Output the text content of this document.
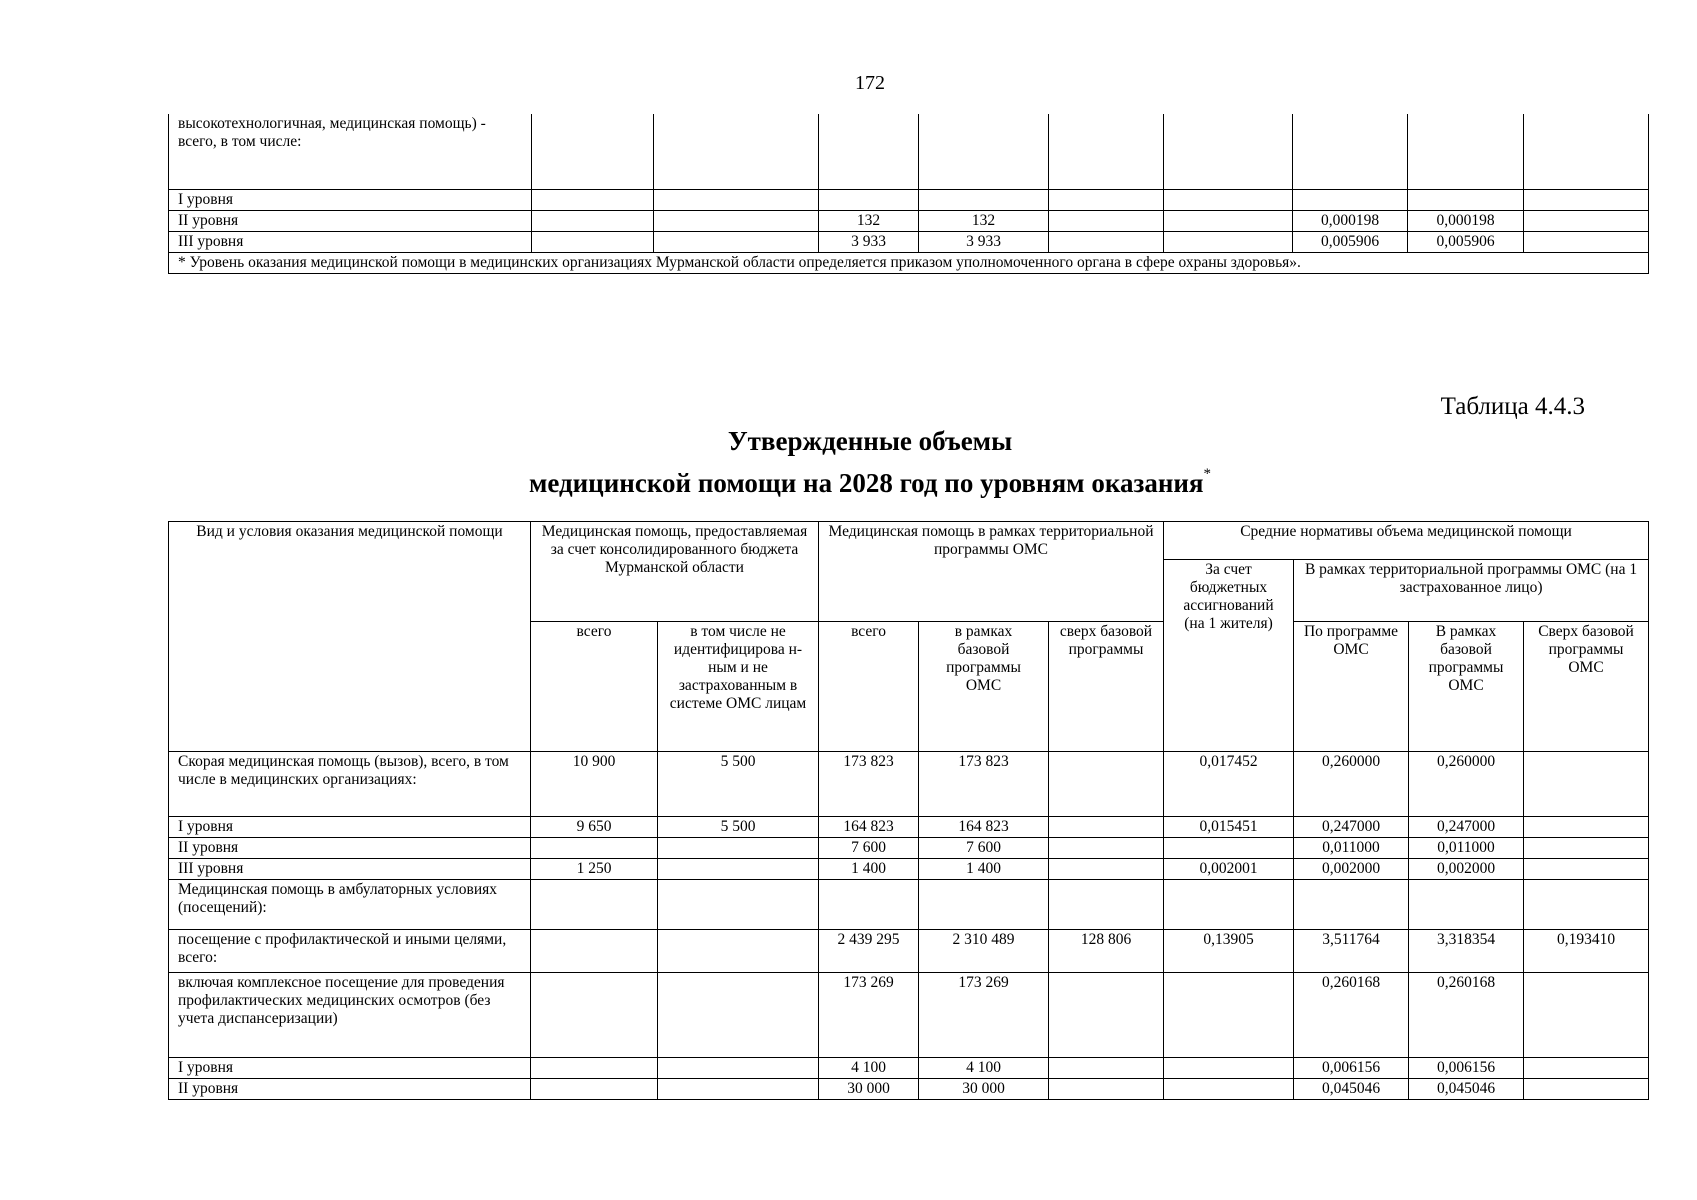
172
высокотехнологичная, медицинская помощь) - всего, в том числе:									
I уровня									
II уровня			132	132			0,000198	0,000198	
III уровня			3 933	3 933			0,005906	0,005906	
* Уровень оказания медицинской помощи в медицинских организациях Мурманской области определяется приказом уполномоченного органа в сфере охраны здоровья».									
Таблица 4.4.3
Утвержденные объемы
медицинской помощи на 2028 год по уровням оказания*
Вид и условия оказания медицинской помощи	Медицинская помощь, предоставляемая за счет консолидированного бюджета Мурманской области		Медицинская помощь в рамках территориальной программы ОМС			Средние нормативы объема медицинской помощи			
						За счет бюджетных ассигнований (на 1 жителя)	В рамках территориальной программы ОМС (на 1 застрахованное лицо)		
	всего	в том числе не идентифицирова н-ным и не застрахованным в системе ОМС лицам	всего	в рамках базовой программы ОМС	сверх базовой программы		По программе ОМС	В рамках базовой программы ОМС	Сверх базовой программы ОМС
Скорая медицинская помощь (вызов), всего, в том числе в медицинских организациях:	10 900	5 500	173 823	173 823		0,017452	0,260000	0,260000	
I уровня	9 650	5 500	164 823	164 823		0,015451	0,247000	0,247000	
II уровня			7 600	7 600			0,011000	0,011000	
III уровня	1 250		1 400	1 400		0,002001	0,002000	0,002000	
Медицинская помощь в амбулаторных условиях (посещений):									
посещение с профилактической и иными целями, всего:			2 439 295	2 310 489	128 806	0,13905	3,511764	3,318354	0,193410
включая комплексное посещение для проведения профилактических медицинских осмотров (без учета диспансеризации)			173 269	173 269			0,260168	0,260168	
I уровня			4 100	4 100			0,006156	0,006156	
II уровня			30 000	30 000			0,045046	0,045046	
